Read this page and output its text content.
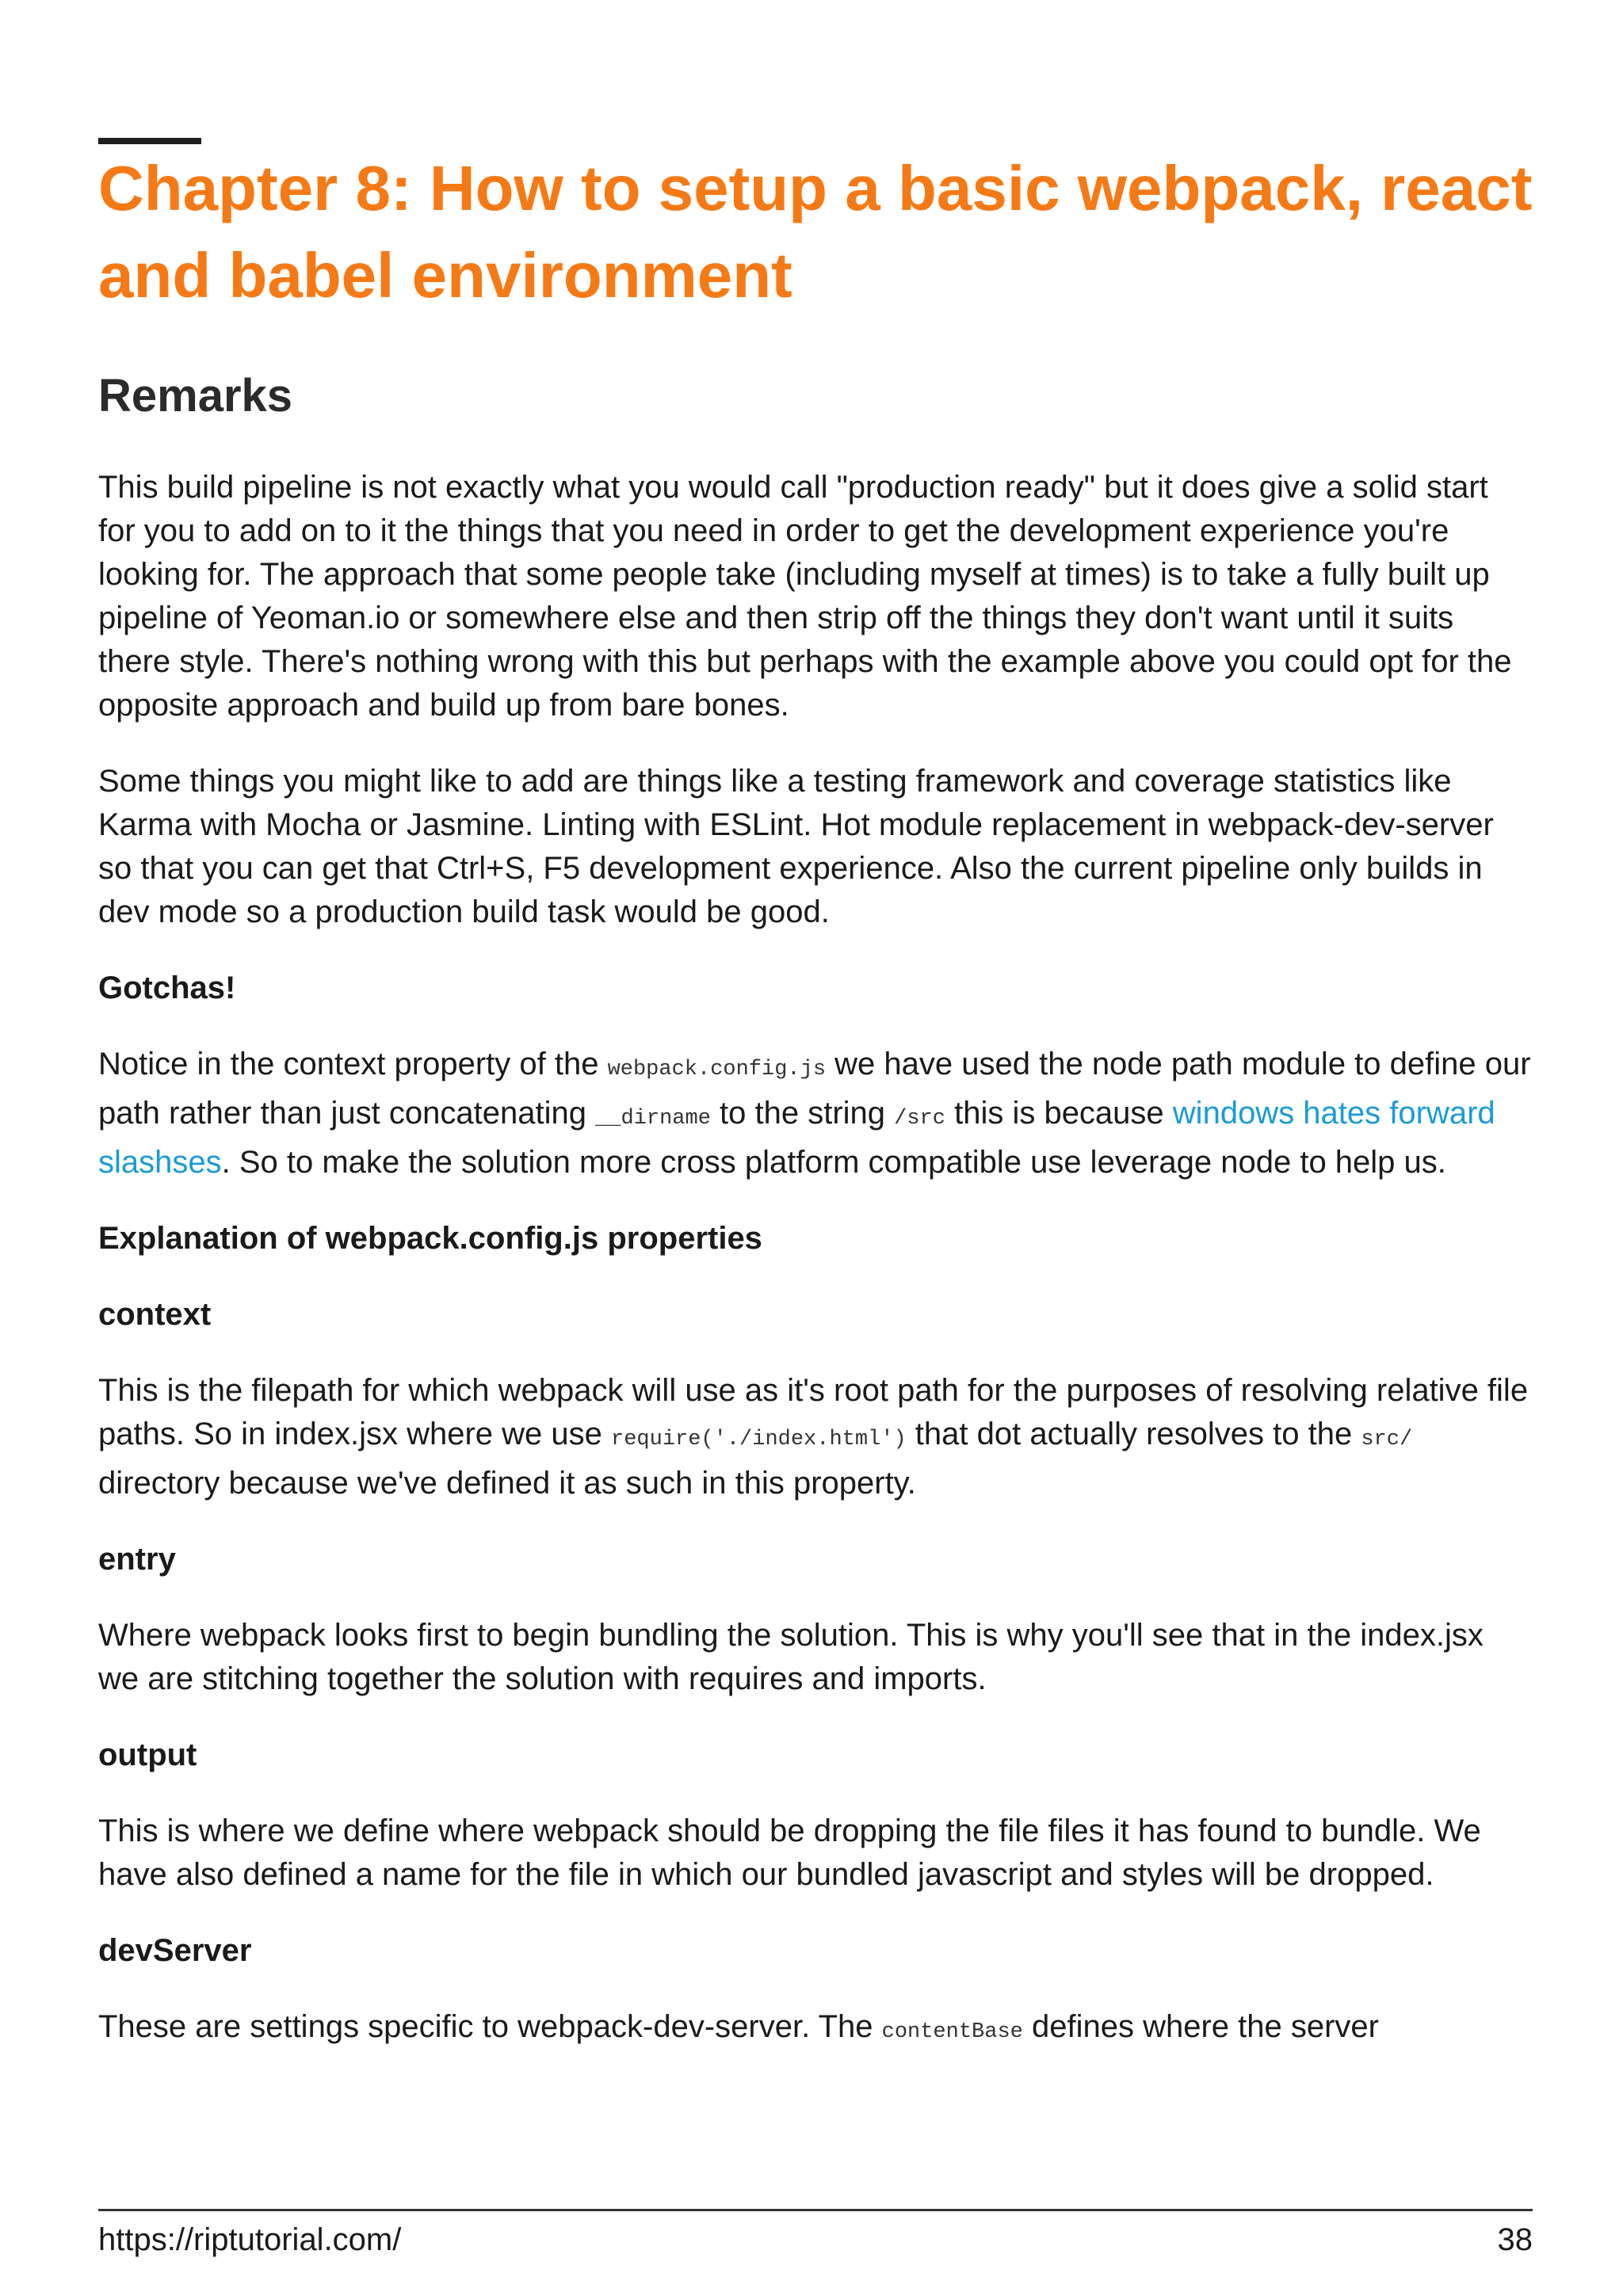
Chapter 8: How to setup a basic webpack, react and babel environment
Remarks

This build pipeline is not exactly what you would call "production ready" but it does give a solid start for you to add on to it the things that you need in order to get the development experience you're looking for. The approach that some people take (including myself at times) is to take a fully built up pipeline of Yeoman.io or somewhere else and then strip off the things they don't want until it suits there style. There's nothing wrong with this but perhaps with the example above you could opt for the opposite approach and build up from bare bones.

Some things you might like to add are things like a testing framework and coverage statistics like Karma with Mocha or Jasmine. Linting with ESLint. Hot module replacement in webpack-dev-server so that you can get that Ctrl+S, F5 development experience. Also the current pipeline only builds in dev mode so a production build task would be good.

Gotchas!

Notice in the context property of the webpack.config.js we have used the node path module to define our path rather than just concatenating __dirname to the string /src this is because windows hates forward slashses. So to make the solution more cross platform compatible use leverage node to help us.

Explanation of webpack.config.js properties

context

This is the filepath for which webpack will use as it's root path for the purposes of resolving relative file paths. So in index.jsx where we use require('./index.html') that dot actually resolves to the src/ directory because we've defined it as such in this property.

entry

Where webpack looks first to begin bundling the solution. This is why you'll see that in the index.jsx we are stitching together the solution with requires and imports.

output

This is where we define where webpack should be dropping the file files it has found to bundle. We have also defined a name for the file in which our bundled javascript and styles will be dropped.

devServer

These are settings specific to webpack-dev-server. The contentBase defines where the server

https://riptutorial.com/	38
